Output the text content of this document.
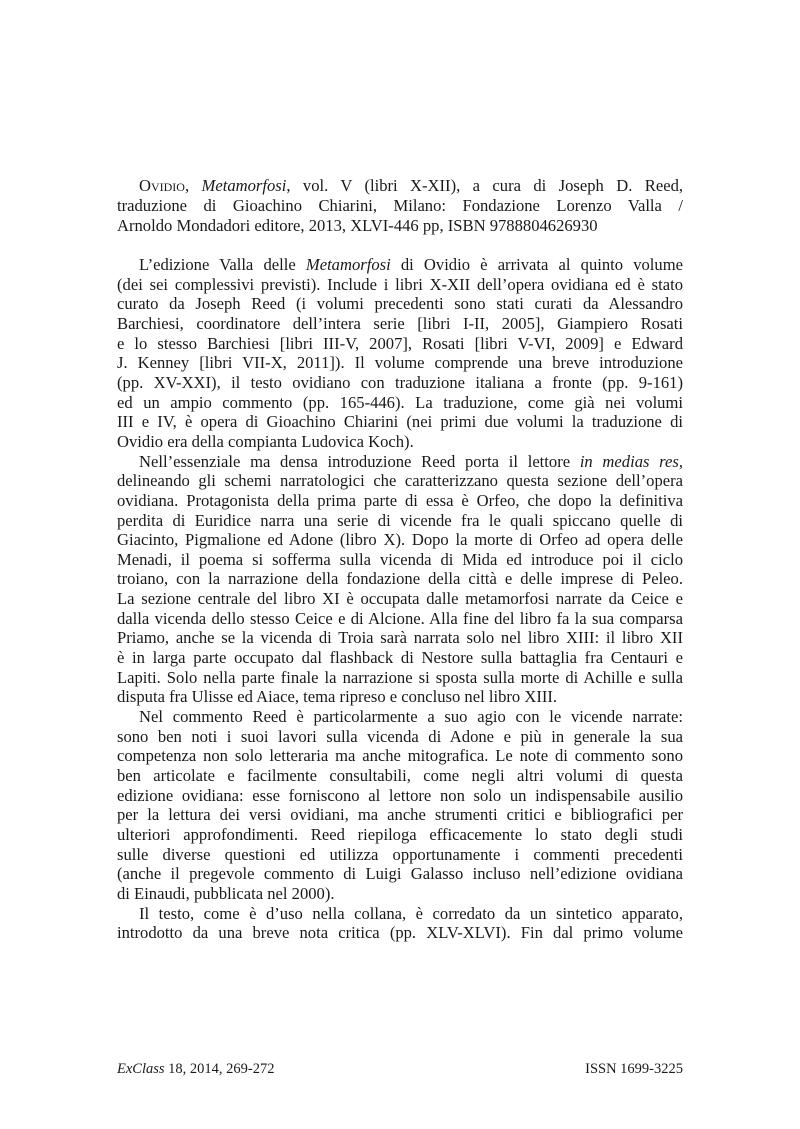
Ovidio, Metamorfosi, vol. V (libri X-XII), a cura di Joseph D. Reed,
traduzione di Gioachino Chiarini, Milano: Fondazione Lorenzo Valla /
Arnoldo Mondadori editore, 2013, XLVI-446 pp, ISBN 9788804626930
L’edizione Valla delle Metamorfosi di Ovidio è arrivata al quinto volume
(dei sei complessivi previsti). Include i libri X-XII dell’opera ovidiana ed è stato
curato da Joseph Reed (i volumi precedenti sono stati curati da Alessandro
Barchiesi, coordinatore dell’intera serie [libri I-II, 2005], Giampiero Rosati
e lo stesso Barchiesi [libri III-V, 2007], Rosati [libri V-VI, 2009] e Edward
J. Kenney [libri VII-X, 2011]). Il volume comprende una breve introduzione
(pp. XV-XXI), il testo ovidiano con traduzione italiana a fronte (pp. 9-161)
ed un ampio commento (pp. 165-446). La traduzione, come già nei volumi
III e IV, è opera di Gioachino Chiarini (nei primi due volumi la traduzione di
Ovidio era della compianta Ludovica Koch).
Nell’essenziale ma densa introduzione Reed porta il lettore in medias res,
delineando gli schemi narratologici che caratterizzano questa sezione dell’opera
ovidiana. Protagonista della prima parte di essa è Orfeo, che dopo la definitiva
perdita di Euridice narra una serie di vicende fra le quali spiccano quelle di
Giacinto, Pigmalione ed Adone (libro X). Dopo la morte di Orfeo ad opera delle
Menadi, il poema si sofferma sulla vicenda di Mida ed introduce poi il ciclo
troiano, con la narrazione della fondazione della città e delle imprese di Peleo.
La sezione centrale del libro XI è occupata dalle metamorfosi narrate da Ceice e
dalla vicenda dello stesso Ceice e di Alcione. Alla fine del libro fa la sua comparsa
Priamo, anche se la vicenda di Troia sarà narrata solo nel libro XIII: il libro XII
è in larga parte occupato dal flashback di Nestore sulla battaglia fra Centauri e
Lapiti. Solo nella parte finale la narrazione si sposta sulla morte di Achille e sulla
disputa fra Ulisse ed Aiace, tema ripreso e concluso nel libro XIII.
Nel commento Reed è particolarmente a suo agio con le vicende narrate:
sono ben noti i suoi lavori sulla vicenda di Adone e più in generale la sua
competenza non solo letteraria ma anche mitografica. Le note di commento sono
ben articolate e facilmente consultabili, come negli altri volumi di questa
edizione ovidiana: esse forniscono al lettore non solo un indispensabile ausilio
per la lettura dei versi ovidiani, ma anche strumenti critici e bibliografici per
ulteriori approfondimenti. Reed riepiloga efficacemente lo stato degli studi
sulle diverse questioni ed utilizza opportunamente i commenti precedenti
(anche il pregevole commento di Luigi Galasso incluso nell’edizione ovidiana
di Einaudi, pubblicata nel 2000).
Il testo, come è d’uso nella collana, è corredato da un sintetico apparato,
introdotto da una breve nota critica (pp. XLV-XLVI). Fin dal primo volume
ExClass 18, 2014, 269-272	ISSN 1699-3225
